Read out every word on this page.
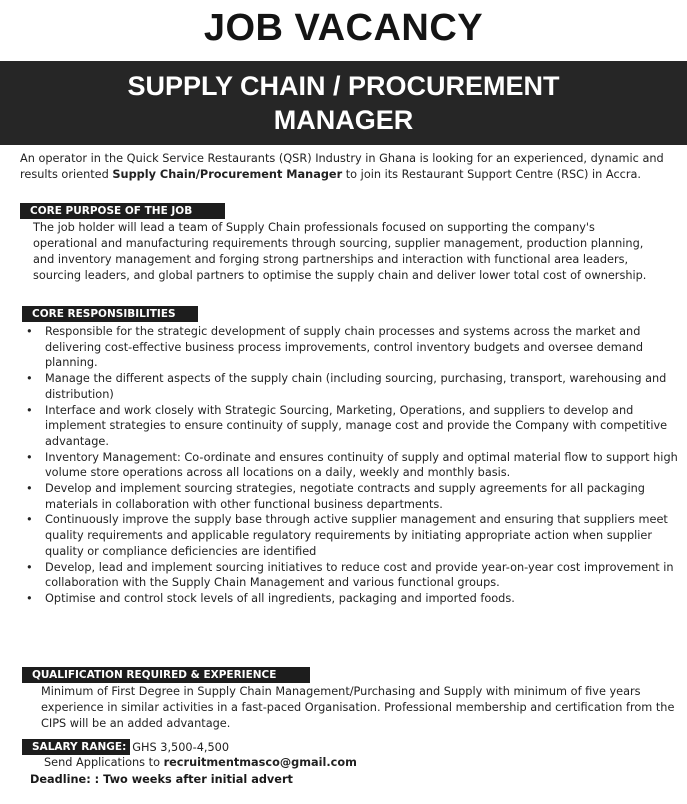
JOB VACANCY
SUPPLY CHAIN / PROCUREMENT
MANAGER
An operator in the Quick Service Restaurants (QSR) Industry in Ghana is looking for an experienced, dynamic and results oriented Supply Chain/Procurement Manager to join its Restaurant Support Centre (RSC) in Accra.
CORE PURPOSE OF THE JOB
The job holder will lead a team of Supply Chain professionals focused on supporting the company's operational and manufacturing requirements through sourcing, supplier management, production planning, and inventory management and forging strong partnerships and interaction with functional area leaders, sourcing leaders, and global partners to optimise the supply chain and deliver lower total cost of ownership.
CORE RESPONSIBILITIES
• Responsible for the strategic development of supply chain processes and systems across the market and delivering cost-effective business process improvements, control inventory budgets and oversee demand planning.
• Manage the different aspects of the supply chain (including sourcing, purchasing, transport, warehousing and distribution)
• Interface and work closely with Strategic Sourcing, Marketing, Operations, and suppliers to develop and implement strategies to ensure continuity of supply, manage cost and provide the Company with competitive advantage.
• Inventory Management: Co-ordinate and ensures continuity of supply and optimal material flow to support high volume store operations across all locations on a daily, weekly and monthly basis.
• Develop and implement sourcing strategies, negotiate contracts and supply agreements for all packaging materials in collaboration with other functional business departments.
• Continuously improve the supply base through active supplier management and ensuring that suppliers meet quality requirements and applicable regulatory requirements by initiating appropriate action when supplier quality or compliance deficiencies are identified
• Develop, lead and implement sourcing initiatives to reduce cost and provide year-on-year cost improvement in collaboration with the Supply Chain Management and various functional groups.
• Optimise and control stock levels of all ingredients, packaging and imported foods.
QUALIFICATION REQUIRED & EXPERIENCE
Minimum of First Degree in Supply Chain Management/Purchasing and Supply with minimum of five years experience in similar activities in a fast-paced Organisation. Professional membership and certification from the CIPS will be an added advantage.
SALARY RANGE: GHS 3,500-4,500
Send Applications to recruitmentmasco@gmail.com
Deadline: : Two weeks after initial advert
